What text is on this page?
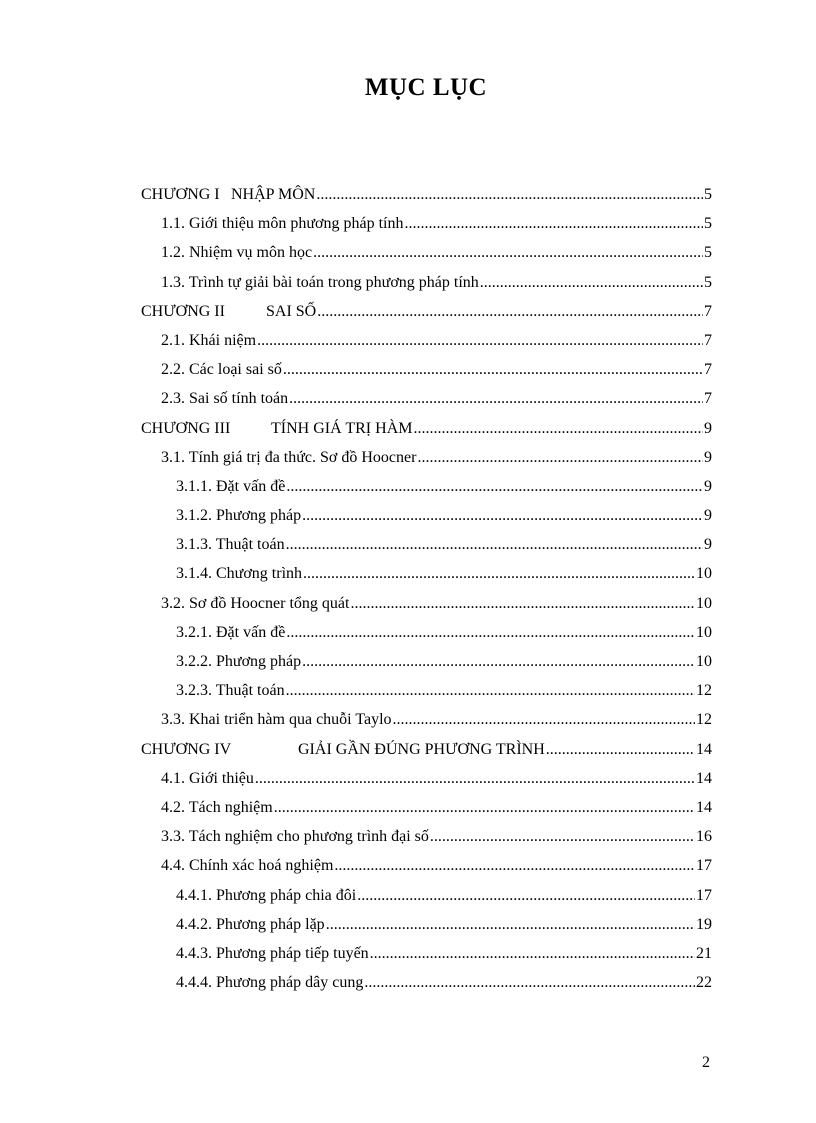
MỤC LỤC
CHƯƠNG I NHẬP MÔN .....	5
1.1. Giới thiệu môn phương pháp tính .....	5
1.2. Nhiệm vụ môn học .....	5
1.3. Trình tự giải bài toán trong phương pháp tính .....	5
CHƯƠNG II	SAI SỐ .....	7
2.1. Khái niệm .....	7
2.2. Các loại sai số .....	7
2.3. Sai số tính toán .....	7
CHƯƠNG III	TÍNH GIÁ TRỊ HÀM .....	9
3.1. Tính giá trị đa thức. Sơ đồ Hoocner .....	9
3.1.1. Đặt vấn đề .....	9
3.1.2. Phương pháp .....	9
3.1.3. Thuật toán .....	9
3.1.4. Chương trình .....	10
3.2. Sơ đồ Hoocner tổng quát .....	10
3.2.1. Đặt vấn đề .....	10
3.2.2. Phương pháp .....	10
3.2.3. Thuật toán .....	12
3.3. Khai triển hàm qua chuỗi Taylo .....	12
CHƯƠNG IV	GIẢI GẦN ĐÚNG PHƯƠNG TRÌNH .....	14
4.1. Giới thiệu .....	14
4.2. Tách nghiệm .....	14
3.3. Tách nghiệm cho phương trình đại số .....	16
4.4. Chính xác hoá nghiệm .....	17
4.4.1. Phương pháp chia đôi .....	17
4.4.2. Phương pháp lặp .....	19
4.4.3. Phương pháp tiếp tuyến .....	21
4.4.4. Phương pháp dây cung .....	22
2
